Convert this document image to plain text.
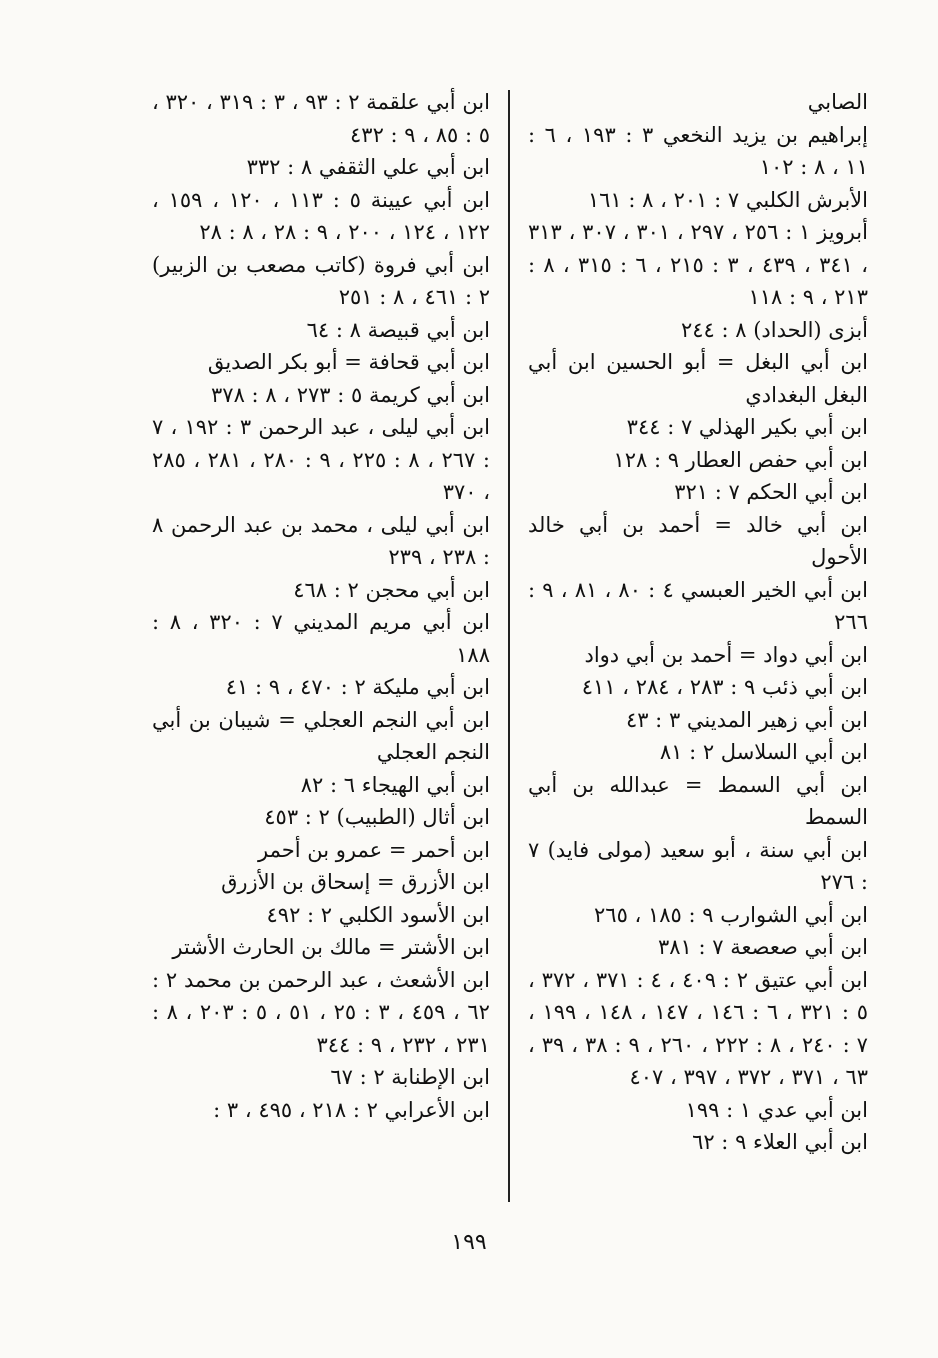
الصابي

إبراهيم بن يزيد النخعي ٣ : ١٩٣ ، ٦ : ١١ ، ٨ : ١٠٢

الأبرش الكلبي ٧ : ٢٠١ ، ٨ : ١٦١

أبرويز ١ : ٢٥٦ ، ٢٩٧ ، ٣٠١ ، ٣٠٧ ، ٣١٣ ، ٣٤١ ، ٤٣٩ ، ٣ : ٢١٥ ، ٦ : ٣١٥ ، ٨ : ٢١٣ ، ٩ : ١١٨

أبزى (الحداد) ٨ : ٢٤٤

ابن أبي البغل = أبو الحسين ابن أبي البغل البغدادي

ابن أبي بكير الهذلي ٧ : ٣٤٤

ابن أبي حفص العطار ٩ : ١٢٨

ابن أبي الحكم ٧ : ٣٢١

ابن أبي خالد = أحمد بن أبي خالد الأحول

ابن أبي الخير العبسي ٤ : ٨٠ ، ٨١ ، ٩ : ٢٦٦

ابن أبي دواد = أحمد بن أبي دواد

ابن أبي ذئب ٩ : ٢٨٣ ، ٢٨٤ ، ٤١١

ابن أبي زهير المديني ٣ : ٤٣

ابن أبي السلاسل ٢ : ٨١

ابن أبي السمط = عبدالله بن أبي السمط

ابن أبي سنة ، أبو سعيد (مولى فايد) ٧ : ٢٧٦

ابن أبي الشوارب ٩ : ١٨٥ ، ٢٦٥

ابن أبي صعصعة ٧ : ٣٨١

ابن أبي عتيق ٢ : ٤٠٩ ، ٤ : ٣٧١ ، ٣٧٢ ، ٥ : ٣٢١ ، ٦ : ١٤٦ ، ١٤٧ ، ١٤٨ ، ١٩٩ ، ٧ : ٢٤٠ ، ٨ : ٢٢٢ ، ٢٦٠ ، ٩ : ٣٨ ، ٣٩ ، ٦٣ ، ٣٧١ ، ٣٧٢ ، ٣٩٧ ، ٤٠٧

ابن أبي عدي ١ : ١٩٩

ابن أبي العلاء ٩ : ٦٢

ابن أبي علقمة ٢ : ٩٣ ، ٣ : ٣١٩ ، ٣٢٠ ، ٥ : ٨٥ ، ٩ : ٤٣٢

ابن أبي علي الثقفي ٨ : ٣٣٢

ابن أبي عيينة ٥ : ١١٣ ، ١٢٠ ، ١٥٩ ، ١٢٢ ، ١٢٤ ، ٢٠٠ ، ٩ : ٢٨ ، ٨ : ٢٨

ابن أبي فروة (كاتب مصعب بن الزبير) ٢ : ٤٦١ ، ٨ : ٢٥١

ابن أبي قبيصة ٨ : ٦٤

ابن أبي قحافة = أبو بكر الصديق

ابن أبي كريمة ٥ : ٢٧٣ ، ٨ : ٣٧٨

ابن أبي ليلى ، عبد الرحمن ٣ : ١٩٢ ، ٧ : ٢٦٧ ، ٨ : ٢٢٥ ، ٩ : ٢٨٠ ، ٢٨١ ، ٢٨٥ ، ٣٧٠

ابن أبي ليلى ، محمد بن عبد الرحمن ٨ : ٢٣٨ ، ٢٣٩

ابن أبي محجن ٢ : ٤٦٨

ابن أبي مريم المديني ٧ : ٣٢٠ ، ٨ : ١٨٨

ابن أبي مليكة ٢ : ٤٧٠ ، ٩ : ٤١

ابن أبي النجم العجلي = شيبان بن أبي النجم العجلي

ابن أبي الهيجاء ٦ : ٨٢

ابن أثال (الطبيب) ٢ : ٤٥٣

ابن أحمر = عمرو بن أحمر

ابن الأزرق = إسحاق بن الأزرق

ابن الأسود الكلبي ٢ : ٤٩٢

ابن الأشتر = مالك بن الحارث الأشتر

ابن الأشعث ، عبد الرحمن بن محمد ٢ : ٦٢ ، ٤٥٩ ، ٣ : ٢٥ ، ٥١ ، ٥ : ٢٠٣ ، ٨ : ٢٣١ ، ٢٣٢ ، ٩ : ٣٤٤

ابن الإطنابة ٢ : ٦٧

ابن الأعرابي ٢ : ٢١٨ ، ٤٩٥ ، ٣ :

١٩٩
